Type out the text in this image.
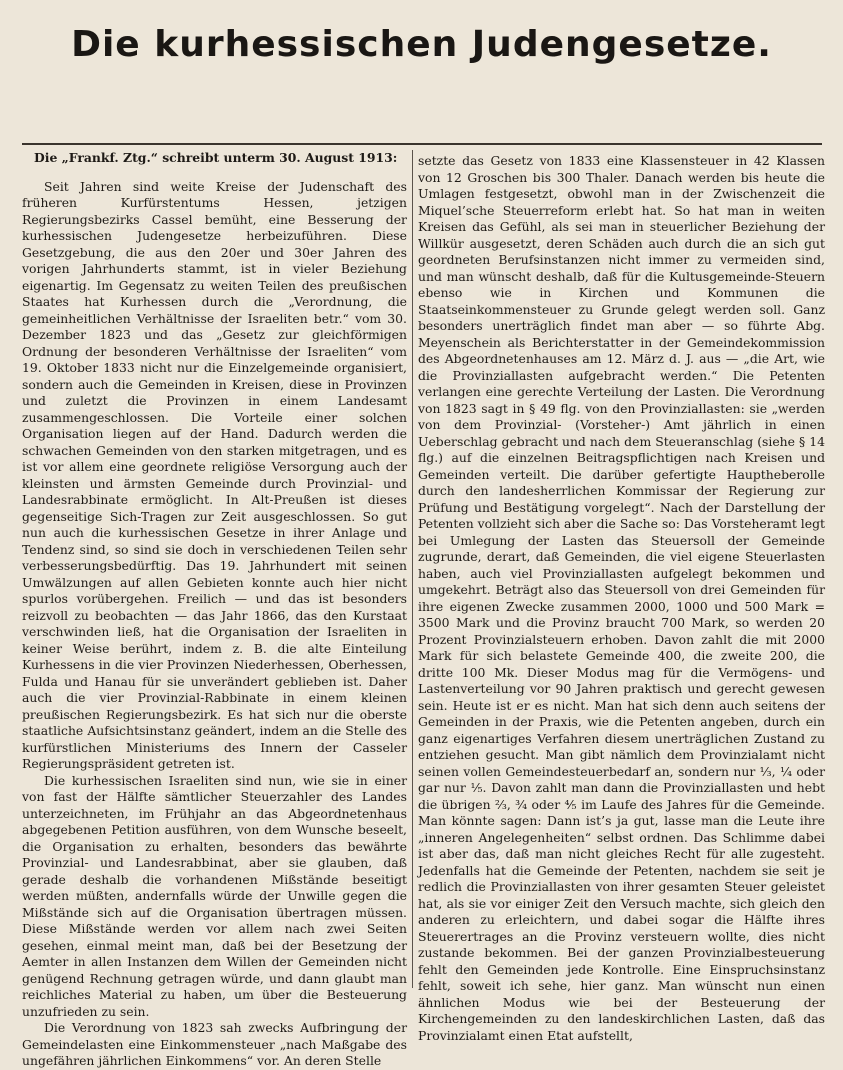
Die kurhessischen Judengesetze.
Die „Frankf. Ztg.“ schreibt unterm 30. August 1913:

Seit Jahren sind weite Kreise der Judenschaft des früheren Kurfürstentums Hessen, jetzigen Regierungsbezirks Cassel bemüht, eine Besserung der kurhessischen Judengesetze herbeizuführen. Diese Gesetzgebung, die aus den 20er und 30er Jahren des vorigen Jahrhunderts stammt, ist in vieler Beziehung eigenartig. Im Gegensatz zu weiten Teilen des preußischen Staates hat Kurhessen durch die „Verordnung, die gemeinheitlichen Verhältnisse der Israeliten betr.“ vom 30. Dezember 1823 und das „Gesetz zur gleichförmigen Ordnung der besonderen Verhältnisse der Israeliten“ vom 19. Oktober 1833 nicht nur die Einzelgemeinde organisiert, sondern auch die Gemeinden in Kreisen, diese in Provinzen und zuletzt die Provinzen in einem Landesamt zusammengeschlossen. Die Vorteile einer solchen Organisation liegen auf der Hand. Dadurch werden die schwachen Gemeinden von den starken mitgetragen, und es ist vor allem eine geordnete religiöse Versorgung auch der kleinsten und ärmsten Gemeinde durch Provinzial- und Landesrabbinate ermöglicht. In Alt-Preußen ist dieses gegenseitige Sich-Tragen zur Zeit ausgeschlossen. So gut nun auch die kurhessischen Gesetze in ihrer Anlage und Tendenz sind, so sind sie doch in verschiedenen Teilen sehr verbesserungsbedürftig. Das 19. Jahrhundert mit seinen Umwälzungen auf allen Gebieten konnte auch hier nicht spurlos vorübergehen. Freilich — und das ist besonders reizvoll zu beobachten — das Jahr 1866, das den Kurstaat verschwinden ließ, hat die Organisation der Israeliten in keiner Weise berührt, indem z. B. die alte Einteilung Kurhessens in die vier Provinzen Niederhessen, Oberhessen, Fulda und Hanau für sie unverändert geblieben ist. Daher auch die vier Provinzial-Rabbinate in einem kleinen preußischen Regierungsbezirk. Es hat sich nur die oberste staatliche Aufsichtsinstanz geändert, indem an die Stelle des kurfürstlichen Ministeriums des Innern der Casseler Regierungspräsident getreten ist.

Die kurhessischen Israeliten sind nun, wie sie in einer von fast der Hälfte sämtlicher Steuerzahler des Landes unterzeichneten, im Frühjahr an das Abgeordnetenhaus abgegebenen Petition ausführen, von dem Wunsche beseelt, die Organisation zu erhalten, besonders das bewährte Provinzial- und Landesrabbinat, aber sie glauben, daß gerade deshalb die vorhandenen Mißstände beseitigt werden müßten, andernfalls würde der Unwille gegen die Mißstände sich auf die Organisation übertragen müssen. Diese Mißstände werden vor allem nach zwei Seiten gesehen, einmal meint man, daß bei der Besetzung der Aemter in allen Instanzen dem Willen der Gemeinden nicht genügend Rechnung getragen würde, und dann glaubt man reichliches Material zu haben, um über die Besteuerung unzufrieden zu sein.

Die Verordnung von 1823 sah zwecks Aufbringung der Gemeindelasten eine Einkommensteuer „nach Maßgabe des ungefähren jährlichen Einkommens“ vor. An deren Stelle

setzte das Gesetz von 1833 eine Klassensteuer in 42 Klassen von 12 Groschen bis 300 Thaler. Danach werden bis heute die Umlagen festgesetzt, obwohl man in der Zwischenzeit die Miquel’sche Steuerreform erlebt hat. So hat man in weiten Kreisen das Gefühl, als sei man in steuerlicher Beziehung der Willkür ausgesetzt, deren Schäden auch durch die an sich gut geordneten Berufsinstanzen nicht immer zu vermeiden sind, und man wünscht deshalb, daß für die Kultusgemeinde-Steuern ebenso wie in Kirchen und Kommunen die Staatseinkommensteuer zu Grunde gelegt werden soll. Ganz besonders unerträglich findet man aber — so führte Abg. Meyenschein als Berichterstatter in der Gemeindekommission des Abgeordnetenhauses am 12. März d. J. aus — „die Art, wie die Provinziallasten aufgebracht werden.“ Die Petenten verlangen eine gerechte Verteilung der Lasten. Die Verordnung von 1823 sagt in § 49 flg. von den Provinziallasten: sie „werden von dem Provinzial- (Vorsteher-) Amt jährlich in einen Ueberschlag gebracht und nach dem Steueranschlag (siehe § 14 flg.) auf die einzelnen Beitragspflichtigen nach Kreisen und Gemeinden verteilt. Die darüber gefertigte Hauptheberolle durch den landesherrlichen Kommissar der Regierung zur Prüfung und Bestätigung vorgelegt“. Nach der Darstellung der Petenten vollzieht sich aber die Sache so: Das Vorsteheramt legt bei Umlegung der Lasten das Steuersoll der Gemeinde zugrunde, derart, daß Gemeinden, die viel eigene Steuerlasten haben, auch viel Provinziallasten aufgelegt bekommen und umgekehrt. Beträgt also das Steuersoll von drei Gemeinden für ihre eigenen Zwecke zusammen 2000, 1000 und 500 Mark = 3500 Mark und die Provinz braucht 700 Mark, so werden 20 Prozent Provinzialsteuern erhoben. Davon zahlt die mit 2000 Mark für sich belastete Gemeinde 400, die zweite 200, die dritte 100 Mk. Dieser Modus mag für die Vermögens- und Lastenverteilung vor 90 Jahren praktisch und gerecht gewesen sein. Heute ist er es nicht. Man hat sich denn auch seitens der Gemeinden in der Praxis, wie die Petenten angeben, durch ein ganz eigenartiges Verfahren diesem unerträglichen Zustand zu entziehen gesucht. Man gibt nämlich dem Provinzialamt nicht seinen vollen Gemeindesteuerbedarf an, sondern nur ⅓, ¼ oder gar nur ⅕. Davon zahlt man dann die Provinziallasten und hebt die übrigen ⅔, ¾ oder ⅘ im Laufe des Jahres für die Gemeinde. Man könnte sagen: Dann ist’s ja gut, lasse man die Leute ihre „inneren Angelegenheiten“ selbst ordnen. Das Schlimme dabei ist aber das, daß man nicht gleiches Recht für alle zugesteht. Jedenfalls hat die Gemeinde der Petenten, nachdem sie seit je redlich die Provinziallasten von ihrer gesamten Steuer geleistet hat, als sie vor einiger Zeit den Versuch machte, sich gleich den anderen zu erleichtern, und dabei sogar die Hälfte ihres Steuerertrages an die Provinz versteuern wollte, dies nicht zustande bekommen. Bei der ganzen Provinzialbesteuerung fehlt den Gemeinden jede Kontrolle. Eine Einspruchsinstanz fehlt, soweit ich sehe, hier ganz. Man wünscht nun einen ähnlichen Modus wie bei der Besteuerung der Kirchengemeinden zu den landeskirchlichen Lasten, daß das Provinzialamt einen Etat aufstellt,
